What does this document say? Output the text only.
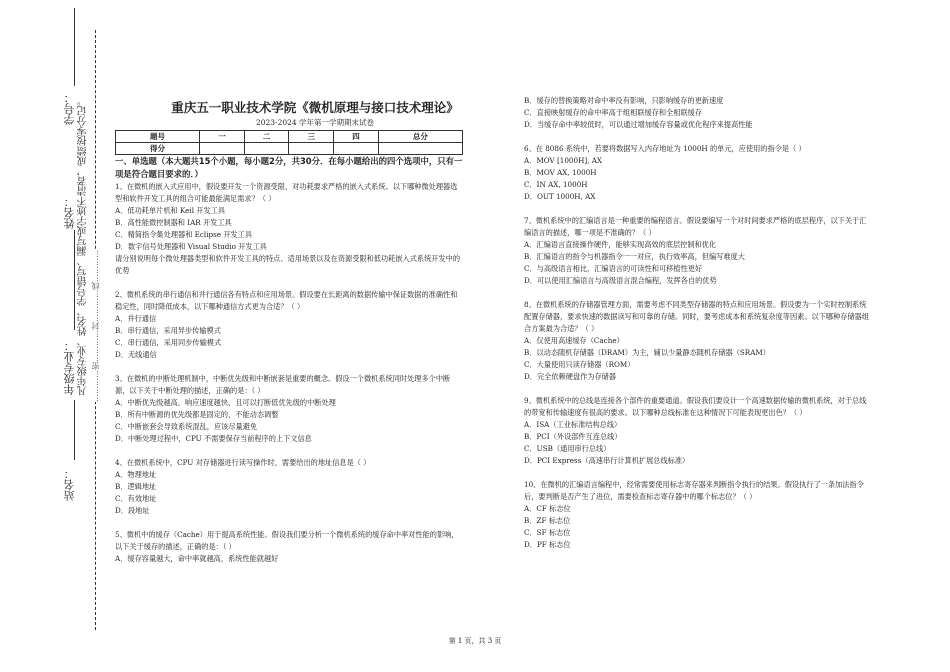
学号：
姓名：
年级专业：
站名：
凡年级专业、姓名、学号错写、漏写或字迹不清者，成绩按零分记。 …………密…………封…………线…………
重庆五一职业技术学院《微机原理与接口技术理论》
2023-2024 学年第一学期期末试卷
题号	一	二	三	四	总分
得分					

一、单选题（本大题共15个小题，每小题2分，共30分．在每小题给出的四个选项中，只有一项是符合题目要求的．）

1、在微机的嵌入式应用中，假设要开发一个资源受限、对功耗要求严格的嵌入式系统。以下哪种微处理器选型和软件开发工具的组合可能最能满足需求？（ ）

A．低功耗单片机和 Keil 开发工具

B．高性能微控制器和 IAR 开发工具

C．精简指令集处理器和 Eclipse 开发工具

D．数字信号处理器和 Visual Studio 开发工具

请分别说明每个微处理器类型和软件开发工具的特点、适用场景以及在资源受限和低功耗嵌入式系统开发中的优势

2、微机系统的串行通信和并行通信各有特点和应用场景。假设要在长距离的数据传输中保证数据的准确性和稳定性，同时降低成本，以下哪种通信方式更为合适？（ ）

A．并行通信

B．串行通信，采用异步传输模式

C．串行通信，采用同步传输模式

D．无线通信

3、在微机的中断处理机制中，中断优先级和中断嵌套是重要的概念。假设一个微机系统同时处理多个中断源，以下关于中断处理的描述，正确的是：（ ）

A．中断优先级越高，响应速度越快，且可以打断低优先级的中断处理

B．所有中断源的优先级都是固定的，不能动态调整

C．中断嵌套会导致系统混乱，应该尽量避免

D．中断处理过程中，CPU 不需要保存当前程序的上下文信息

4、在微机系统中，CPU 对存储器进行读写操作时，需要给出的地址信息是（ ）

A．物理地址

B．逻辑地址

C．有效地址

D．段地址

5、微机中的缓存（Cache）用于提高系统性能。假设我们要分析一个微机系统的缓存命中率对性能的影响，以下关于缓存的描述，正确的是：（ ）

A．缓存容量越大，命中率就越高，系统性能就越好

B．缓存的替换策略对命中率没有影响，只影响缓存的更新速度

C．直接映射缓存的命中率高于组相联缓存和全相联缓存

D．当缓存命中率较低时，可以通过增加缓存容量或优化程序来提高性能

6、在 8086 系统中，若要将数据写入内存地址为 1000H 的单元，应使用的指令是（ ）

A．MOV [1000H], AX

B．MOV AX, 1000H

C．IN AX, 1000H

D．OUT 1000H, AX

7、微机系统中的汇编语言是一种重要的编程语言。假设要编写一个对时间要求严格的底层程序，以下关于汇编语言的描述，哪一项是不准确的？（ ）

A．汇编语言直接操作硬件，能够实现高效的底层控制和优化

B．汇编语言的指令与机器指令一一对应，执行效率高，但编写难度大

C．与高级语言相比，汇编语言的可读性和可移植性更好

D．可以使用汇编语言与高级语言混合编程，发挥各自的优势

8、在微机系统的存储器管理方面，需要考虑不同类型存储器的特点和应用场景。假设要为一个实时控制系统配置存储器，要求快速的数据读写和可靠的存储。同时，要考虑成本和系统复杂度等因素。以下哪种存储器组合方案最为合适？（ ）

A．仅使用高速缓存（Cache）

B．以动态随机存储器（DRAM）为主，辅以少量静态随机存储器（SRAM）

C．大量使用只读存储器（ROM）

D．完全依赖硬盘作为存储器

9、微机系统中的总线是连接各个部件的重要通道。假设我们要设计一个高速数据传输的微机系统，对于总线的带宽和传输速度有很高的要求。以下哪种总线标准在这种情况下可能表现更出色？（ ）

A．ISA（工业标准结构总线）

B．PCI（外设部件互连总线）

C．USB（通用串行总线）

D．PCI Express（高速串行计算机扩展总线标准）

10、在微机的汇编语言编程中，经常需要使用标志寄存器来判断指令执行的结果。假设执行了一条加法指令后，要判断是否产生了进位，需要检查标志寄存器中的哪个标志位？（ ）

A．CF 标志位

B．ZF 标志位

C．SF 标志位

D．PF 标志位

第 1 页，共 3 页
